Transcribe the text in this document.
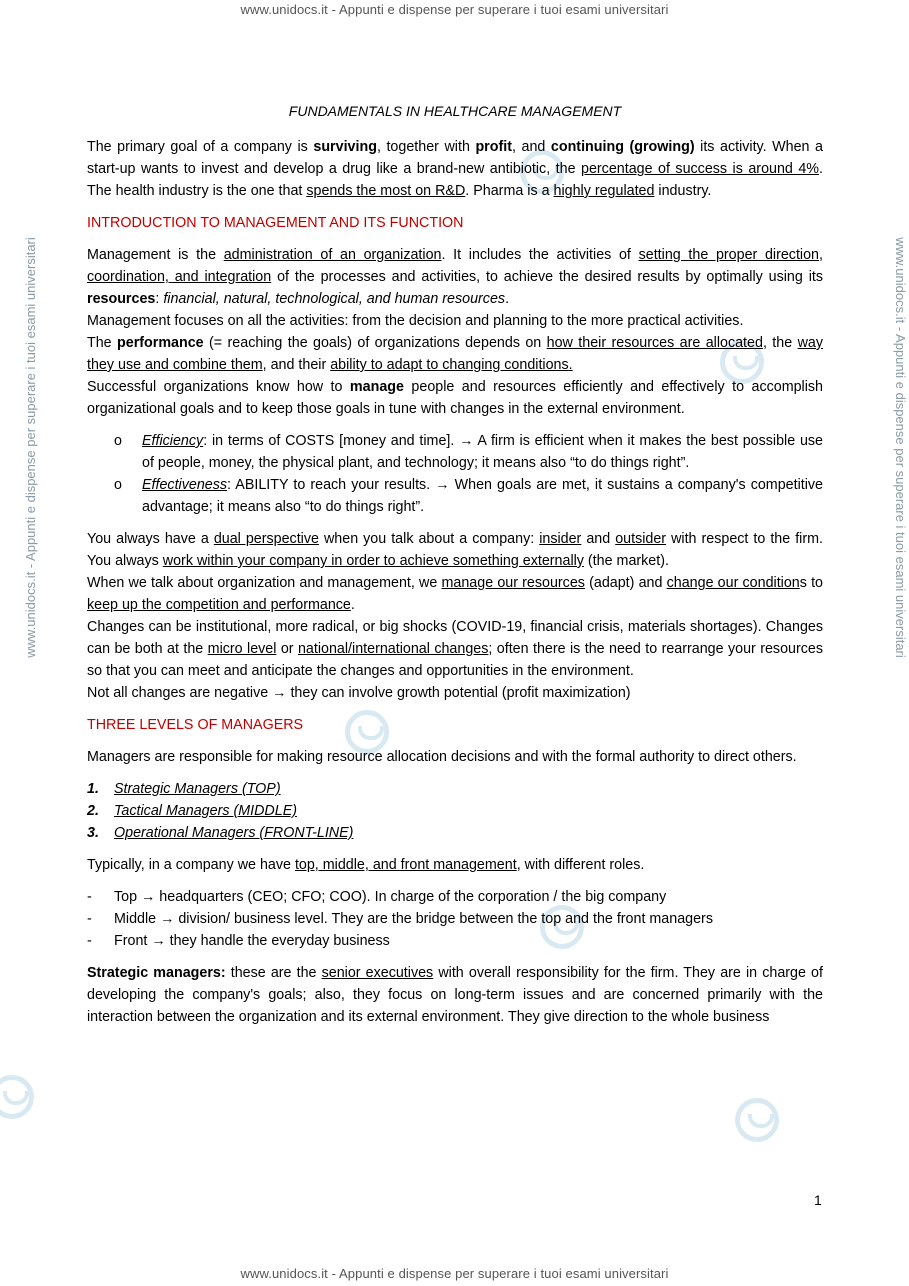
www.unidocs.it - Appunti e dispense per superare i tuoi esami universitari
www.unidocs.it - Appunti e dispense per superare i tuoi esami universitari	www.unidocs.it - Appunti e dispense per superare i tuoi esami universitari

FUNDAMENTALS IN HEALTHCARE MANAGEMENT

The primary goal of a company is surviving, together with profit, and continuing (growing) its activity. When a start-up wants to invest and develop a drug like a brand-new antibiotic, the percentage of success is around 4%. The health industry is the one that spends the most on R&D. Pharma is a highly regulated industry.

INTRODUCTION TO MANAGEMENT AND ITS FUNCTION

Management is the administration of an organization. It includes the activities of setting the proper direction, coordination, and integration of the processes and activities, to achieve the desired results by optimally using its resources: financial, natural, technological, and human resources.

Management focuses on all the activities: from the decision and planning to the more practical activities.

The performance (= reaching the goals) of organizations depends on how their resources are allocated, the way they use and combine them, and their ability to adapt to changing conditions.

Successful organizations know how to manage people and resources efficiently and effectively to accomplish organizational goals and to keep those goals in tune with changes in the external environment.

o Efficiency: in terms of COSTS [money and time]. → A firm is efficient when it makes the best possible use of people, money, the physical plant, and technology; it means also “to do things right”.
o Effectiveness: ABILITY to reach your results. → When goals are met, it sustains a company's competitive advantage; it means also “to do things right”.

You always have a dual perspective when you talk about a company: insider and outsider with respect to the firm. You always work within your company in order to achieve something externally (the market).

When we talk about organization and management, we manage our resources (adapt) and change our conditions to keep up the competition and performance.

Changes can be institutional, more radical, or big shocks (COVID-19, financial crisis, materials shortages). Changes can be both at the micro level or national/international changes; often there is the need to rearrange your resources so that you can meet and anticipate the changes and opportunities in the environment.

Not all changes are negative → they can involve growth potential (profit maximization)

THREE LEVELS OF MANAGERS

Managers are responsible for making resource allocation decisions and with the formal authority to direct others.

1. Strategic Managers (TOP)
2. Tactical Managers (MIDDLE)
3. Operational Managers (FRONT-LINE)

Typically, in a company we have top, middle, and front management, with different roles.

- Top → headquarters (CEO; CFO; COO). In charge of the corporation / the big company
- Middle → division/ business level. They are the bridge between the top and the front managers
- Front → they handle the everyday business

Strategic managers: these are the senior executives with overall responsibility for the firm. They are in charge of developing the company's goals; also, they focus on long-term issues and are concerned primarily with the interaction between the organization and its external environment. They give direction to the whole business

1
www.unidocs.it - Appunti e dispense per superare i tuoi esami universitari
